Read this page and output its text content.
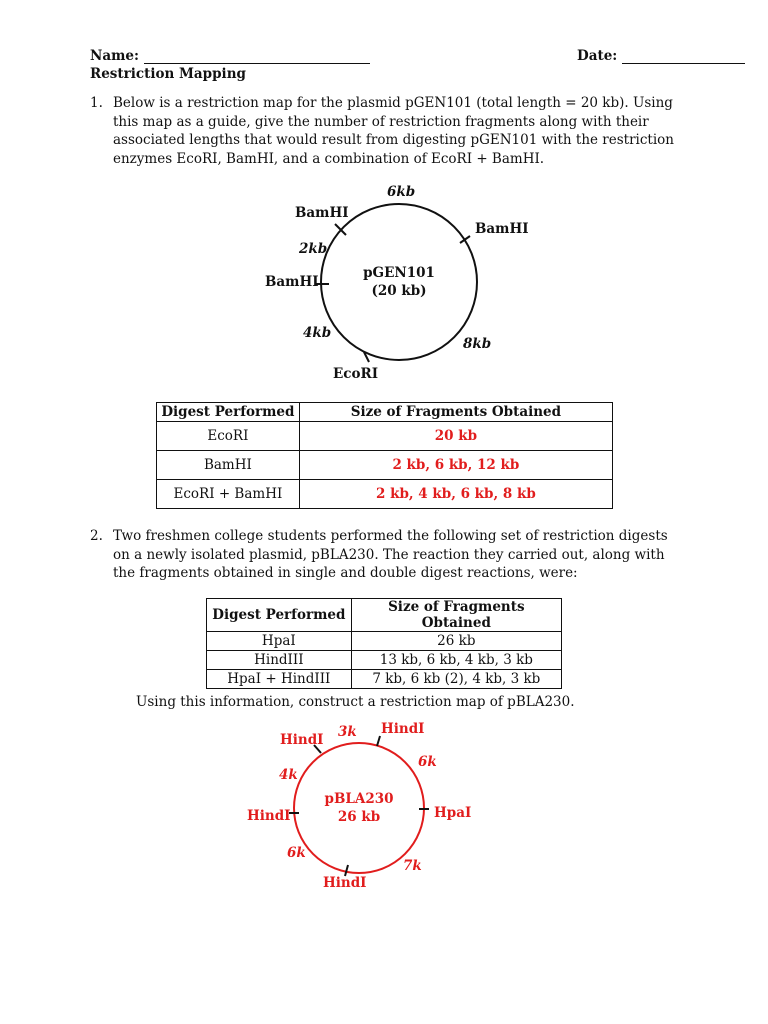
Name:	Date:
Restriction Mapping
1. Below is a restriction map for the plasmid pGEN101 (total length = 20 kb). Using this map as a guide, give the number of restriction fragments along with their associated lengths that would result from digesting pGEN101 with the restriction enzymes EcoRI, BamHI, and a combination of EcoRI + BamHI.
6kb
BamHI
BamHI
2kb
BamHI
4kb
8kb
EcoRI
pGEN101
(20 kb)
Digest Performed	Size of Fragments Obtained
EcoRI	20 kb
BamHI	2 kb, 6 kb, 12 kb
EcoRI + BamHI	2 kb, 4 kb, 6 kb, 8 kb
2. Two freshmen college students performed the following set of restriction digests on a newly isolated plasmid, pBLA230. The reaction they carried out, along with the fragments obtained in single and double digest reactions, were:
Digest Performed	Size of Fragments Obtained
HpaI	26 kb
HindIII	13 kb, 6 kb, 4 kb, 3 kb
HpaI + HindIII	7 kb, 6 kb (2), 4 kb, 3 kb
Using this information, construct a restriction map of pBLA230.
HindI 3k HindI
4k
6k
HindI	HpaI
6k
7k
HindI
pBLA230
26 kb
